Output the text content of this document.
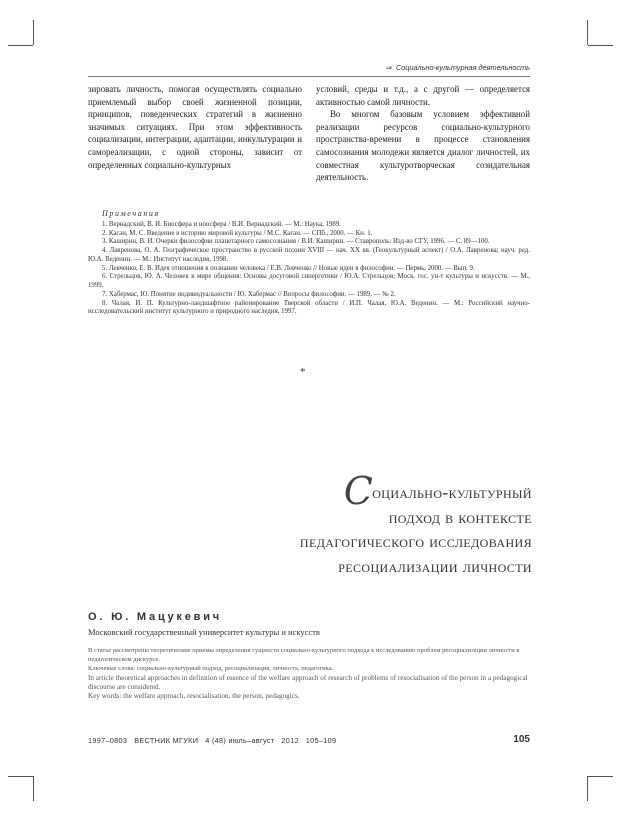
⇒ Социально-культурная деятельность

зировать личность, помогая осуществлять социально приемлемый выбор своей жизненной позиции, принципов, поведенческих стратегий в жизненно значимых ситуациях. При этом эффективность социализации, интеграции, адаптации, инкультурации и самореализации, с одной стороны, зависит от определенных социально-культурных

условий, среды и т.д., а с другой — определяется активностью самой личности.

Во многом базовым условием эффективной реализации ресурсов социально-культурного пространства-времени в процессе становления самосознания молодежи является диалог личностей, их совместная культуротворческая созидательная деятельность.

Примечания
1. Вернадский, В. И. Биосфера и ноосфера / В.И. Вернадский. — М.: Наука, 1989.
2. Каган, М. С. Введение в историю мировой культуры / М.С. Каган. — СПб., 2000. — Кн. 1.
3. Каширин, В. И. Очерки философии планетарного самосознания / В.И. Каширин. — Ставрополь: Изд-во СГУ, 1996. — С. 89—100.
4. Лавренова, О. А. Географическое пространство в русской поэзии XVIII — нач. XX вв. (Геокультурный аспект) / О.А. Лавренова; науч. ред. Ю.А. Веденин. — М.: Институт наследия, 1998.
5. Левченко, Е. В. Идея отношения в познании человека / Е.В. Левченко // Новые идеи в философии. — Пермь, 2000. — Вып. 9.
6. Стрельцов, Ю. А. Человек в мире общения: Основы досуговой синергетики / Ю.А. Стрельцов; Моск. гос. ун-т культуры и искусств. — М., 1999.
7. Хабермас, Ю. Понятие индивидуальности / Ю. Хабермас // Вопросы философии. — 1989. — № 2.
8. Чалая, И. П. Культурно-ландшафтное районирование Тверской области / И.П. Чалая, Ю.А. Веденин. — М.: Российский научно-исследовательский институт культурного и природного наследия, 1997.
*
Социально-культурный
подход в контексте
педагогического исследования
ресоциализации личности
О. Ю. Мацукевич
Московский государственный университет культуры и искусств

В статье рассмотрены теоретические приемы определения сущности социально-культурного подхода к исследованию проблем ресоциализации личности в педагогическом дискурсе.

Ключевые слова: социально-культурный подход, ресоциализация, личность, педагогика.

In article theoretical approaches in definition of essence of the welfare approach of research of problems of resocialisation of the person in a pedagogical discourse are considered.

Key words: the welfare approach, resocialisation, the person, pedagogics.

1997–0803   ВЕСТНИК МГУКИ   4 (48) июль–август   2012   105–109	105
